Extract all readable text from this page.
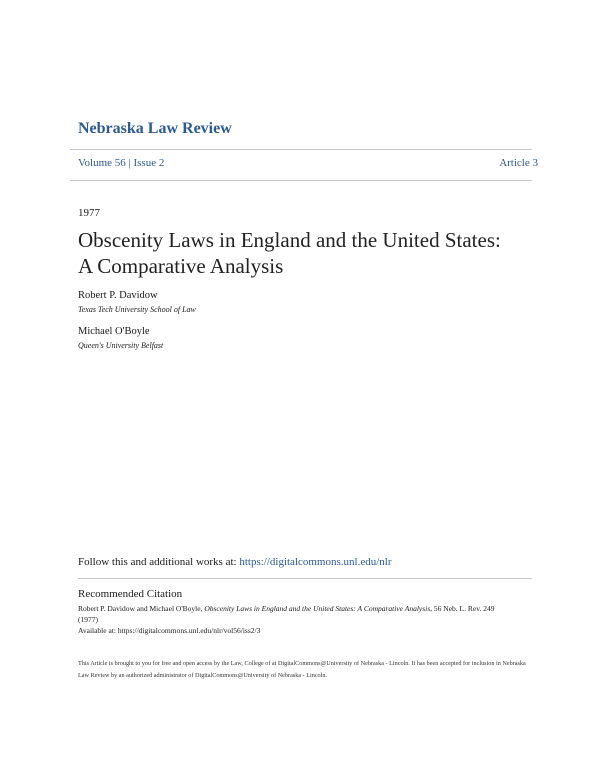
Nebraska Law Review
Volume 56 | Issue 2	Article 3
1977
Obscenity Laws in England and the United States:
A Comparative Analysis
Robert P. Davidow
Texas Tech University School of Law
Michael O'Boyle
Queen's University Belfast
Follow this and additional works at: https://digitalcommons.unl.edu/nlr
Recommended Citation
Robert P. Davidow and Michael O'Boyle, Obscenity Laws in England and the United States: A Comparative Analysis, 56 Neb. L. Rev. 249
(1977)
Available at: https://digitalcommons.unl.edu/nlr/vol56/iss2/3
This Article is brought to you for free and open access by the Law, College of at DigitalCommons@University of Nebraska - Lincoln. It has been accepted for inclusion in Nebraska Law Review by an authorized administrator of DigitalCommons@University of Nebraska - Lincoln.
